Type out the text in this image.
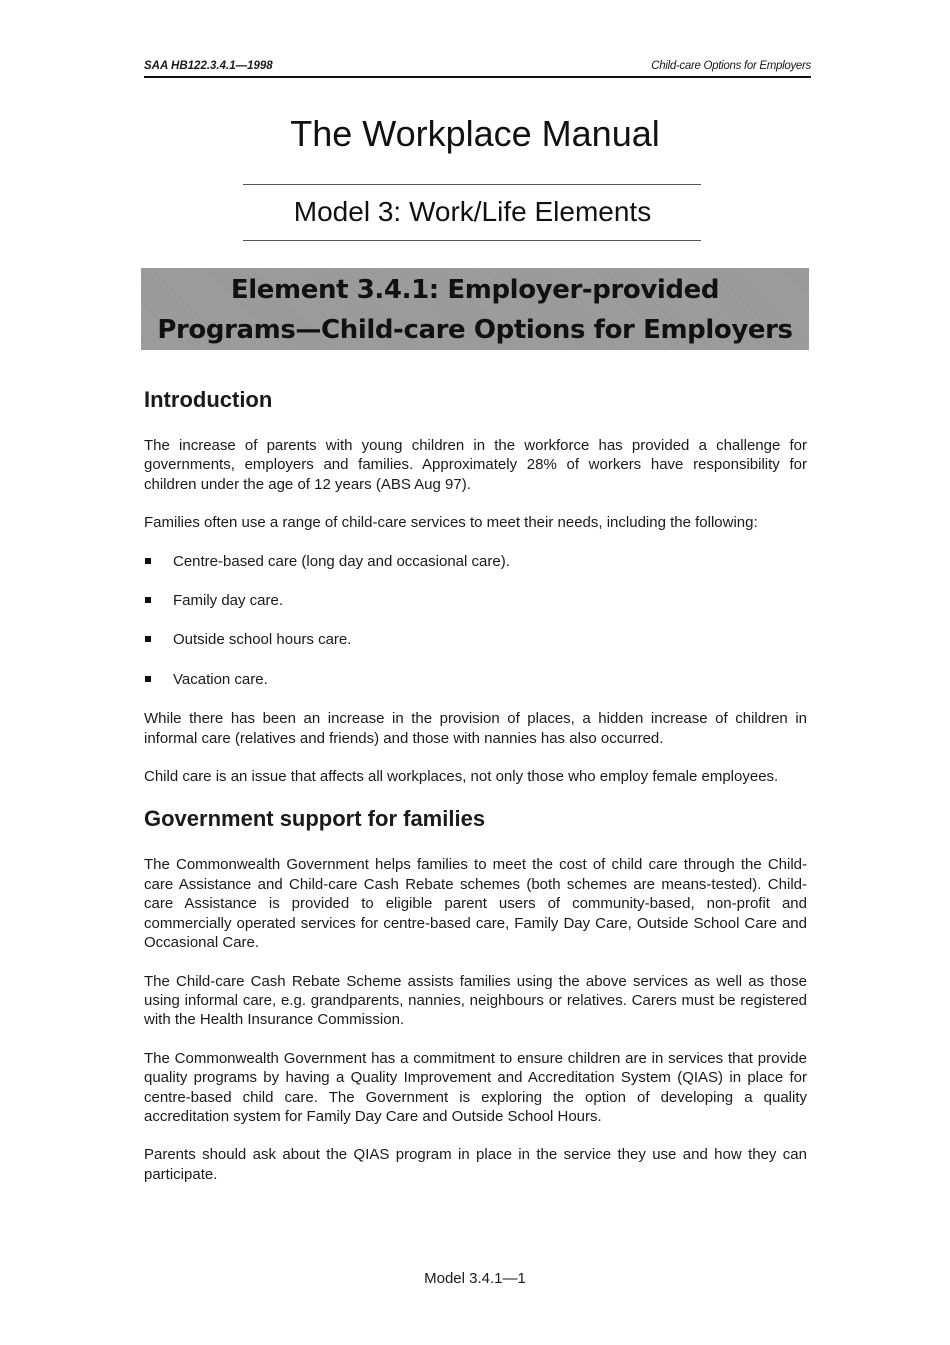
SAA HB122.3.4.1—1998	Child-care Options for Employers
The Workplace Manual
Model 3: Work/Life Elements
Element 3.4.1: Employer-provided
Programs—Child-care Options for Employers
Introduction

The increase of parents with young children in the workforce has provided a challenge for governments, employers and families. Approximately 28% of workers have responsibility for children under the age of 12 years (ABS Aug 97).

Families often use a range of child-care services to meet their needs, including the following:

Centre-based care (long day and occasional care).
Family day care.
Outside school hours care.
Vacation care.

While there has been an increase in the provision of places, a hidden increase of children in informal care (relatives and friends) and those with nannies has also occurred.

Child care is an issue that affects all workplaces, not only those who employ female employees.

Government support for families

The Commonwealth Government helps families to meet the cost of child care through the Child-care Assistance and Child-care Cash Rebate schemes (both schemes are means-tested). Child-care Assistance is provided to eligible parent users of community-based, non-profit and commercially operated services for centre-based care, Family Day Care, Outside School Care and Occasional Care.

The Child-care Cash Rebate Scheme assists families using the above services as well as those using informal care, e.g. grandparents, nannies, neighbours or relatives. Carers must be registered with the Health Insurance Commission.

The Commonwealth Government has a commitment to ensure children are in services that provide quality programs by having a Quality Improvement and Accreditation System (QIAS) in place for centre-based child care. The Government is exploring the option of developing a quality accreditation system for Family Day Care and Outside School Hours.

Parents should ask about the QIAS program in place in the service they use and how they can participate.

Model 3.4.1—1
